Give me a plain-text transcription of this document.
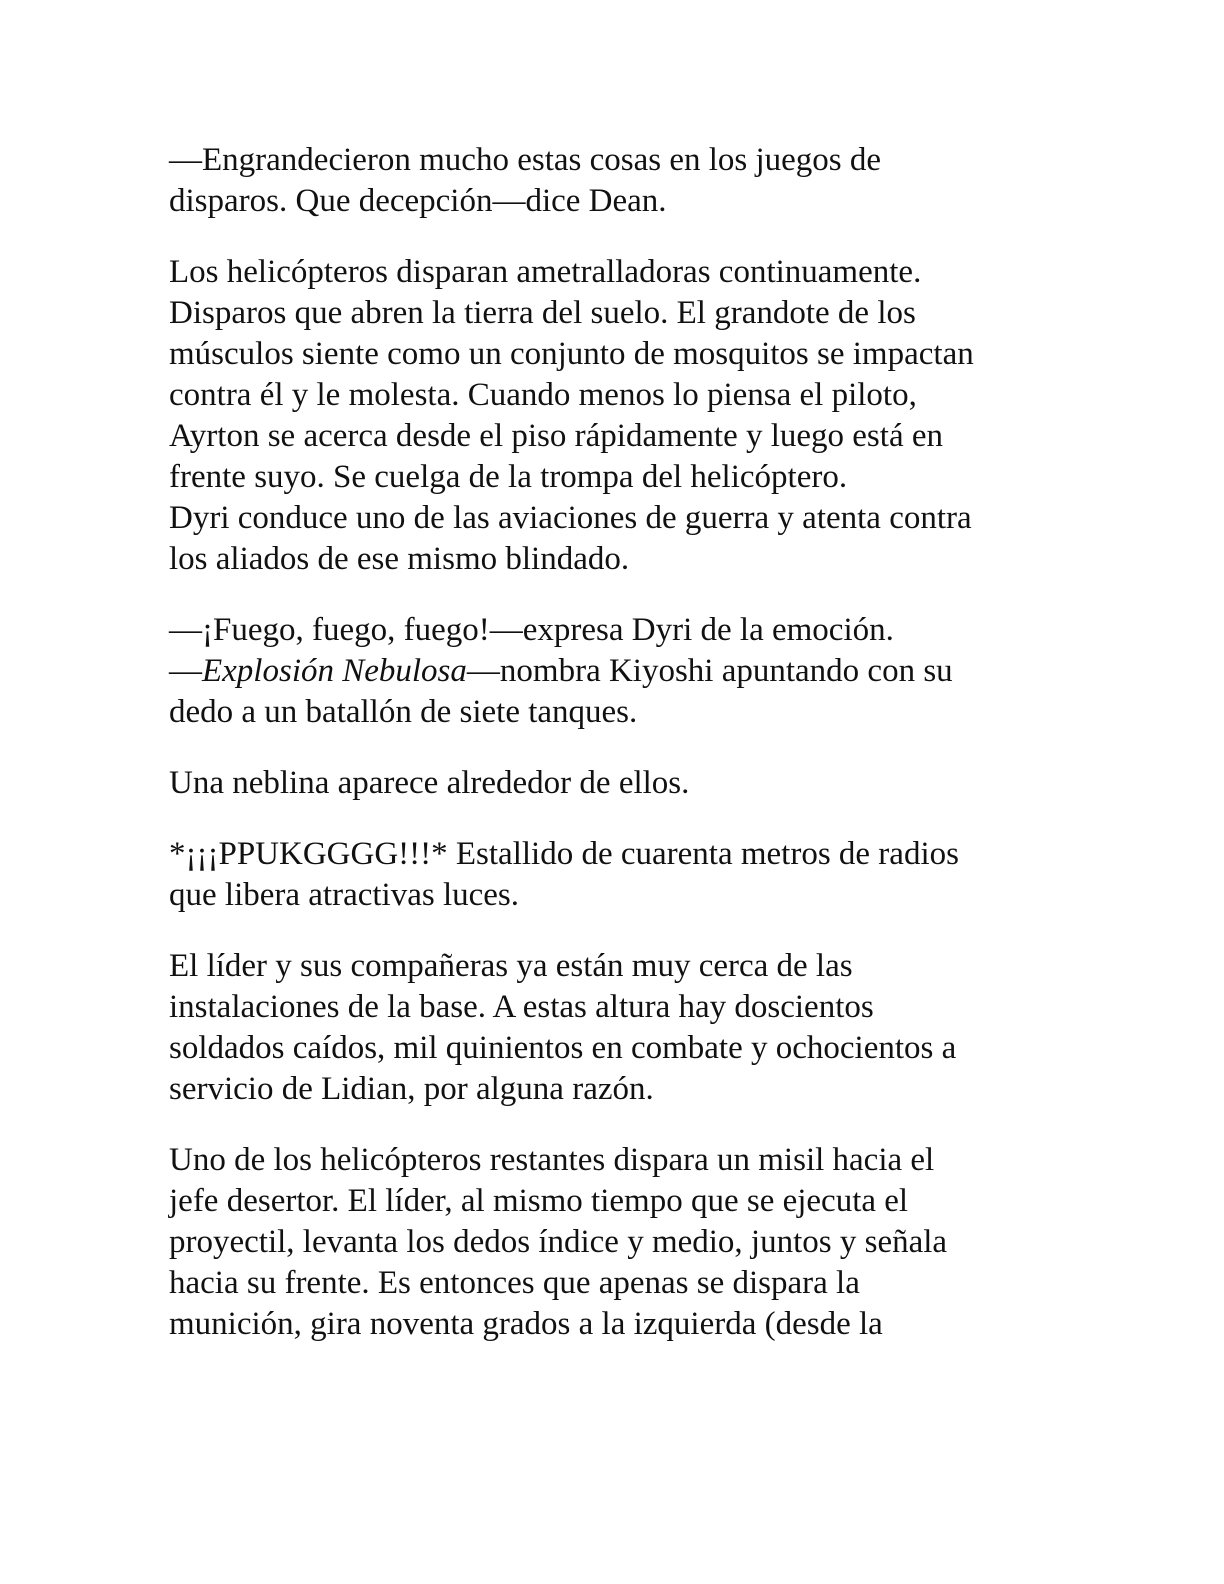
—Engrandecieron mucho estas cosas en los juegos de
disparos. Que decepción—dice Dean.
Los helicópteros disparan ametralladoras continuamente.
Disparos que abren la tierra del suelo. El grandote de los
músculos siente como un conjunto de mosquitos se impactan
contra él y le molesta. Cuando menos lo piensa el piloto,
Ayrton se acerca desde el piso rápidamente y luego está en
frente suyo. Se cuelga de la trompa del helicóptero.
Dyri conduce uno de las aviaciones de guerra y atenta contra
los aliados de ese mismo blindado.
—¡Fuego, fuego, fuego!—expresa Dyri de la emoción.
—Explosión Nebulosa—nombra Kiyoshi apuntando con su
dedo a un batallón de siete tanques.
Una neblina aparece alrededor de ellos.
*¡¡¡PPUKGGGG!!!* Estallido de cuarenta metros de radios
que libera atractivas luces.
El líder y sus compañeras ya están muy cerca de las
instalaciones de la base. A estas altura hay doscientos
soldados caídos, mil quinientos en combate y ochocientos a
servicio de Lidian, por alguna razón.
Uno de los helicópteros restantes dispara un misil hacia el
jefe desertor. El líder, al mismo tiempo que se ejecuta el
proyectil, levanta los dedos índice y medio, juntos y señala
hacia su frente. Es entonces que apenas se dispara la
munición, gira noventa grados a la izquierda (desde la
